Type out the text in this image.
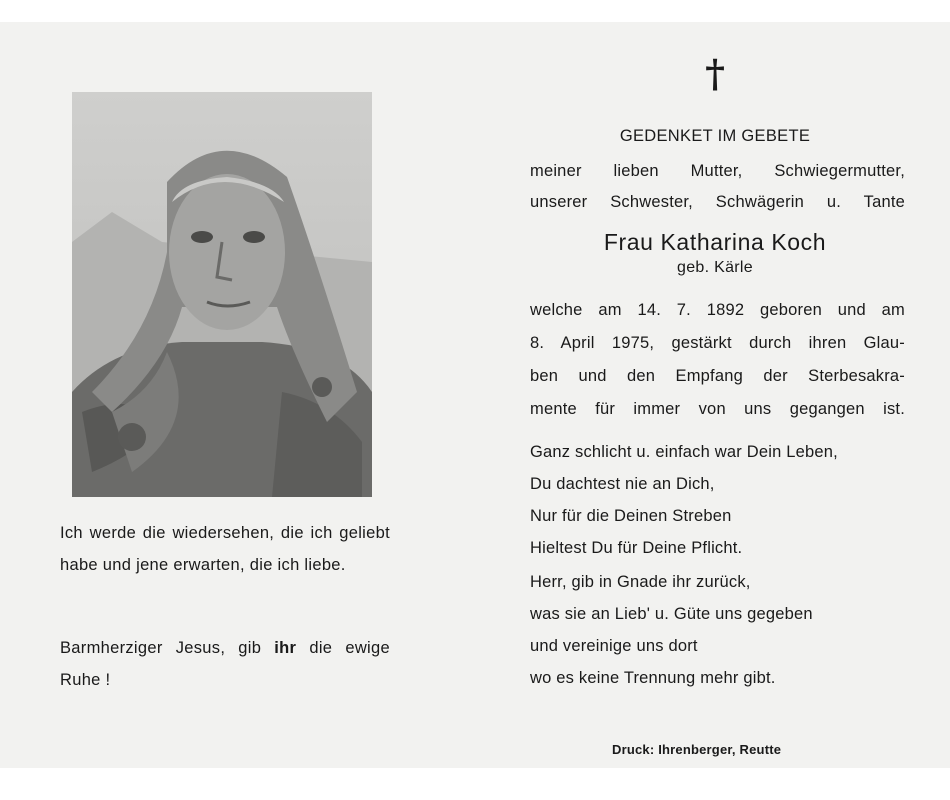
Ich werde die wiedersehen, die ich geliebt habe und jene erwarten, die ich liebe.
Barmherziger Jesus, gib ihr die ewige Ruhe !
†
GEDENKET IM GEBETE
meiner lieben Mutter, Schwiegermutter,
unserer Schwester, Schwägerin u. Tante
Frau Katharina Koch
geb. Kärle
welche am 14. 7. 1892 geboren und am
8. April 1975, gestärkt durch ihren Glau-
ben und den Empfang der Sterbesakra-
mente für immer von uns gegangen ist.
Ganz schlicht u. einfach war Dein Leben,
Du dachtest nie an Dich,
Nur für die Deinen Streben
Hieltest Du für Deine Pflicht.
Herr, gib in Gnade ihr zurück,
was sie an Lieb' u. Güte uns gegeben
und vereinige uns dort
wo es keine Trennung mehr gibt.
Druck: Ihrenberger, Reutte
